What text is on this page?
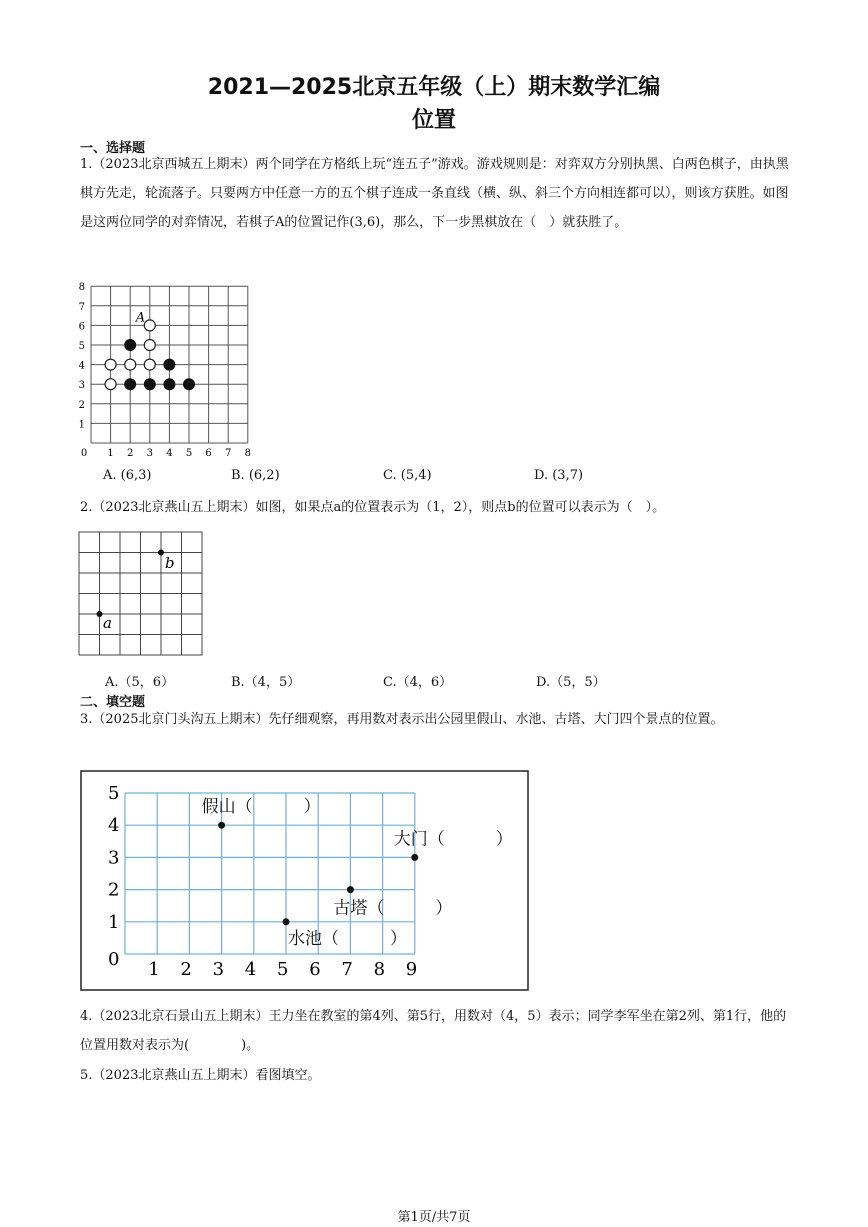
2021—2025北京五年级（上）期末数学汇编
位置
一、选择题
1.（2023北京西城五上期末）两个同学在方格纸上玩“连五子”游戏。游戏规则是：对弈双方分别执黑、白两色棋子，由执黑棋方先走，轮流落子。只要两方中任意一方的五个棋子连成一条直线（横、纵、斜三个方向相连都可以），则该方获胜。如图是这两位同学的对弈情况，若棋子A的位置记作(3,6)，那么，下一步黑棋放在（　）就获胜了。
0 1 2 3 4 5 6 7 8
1
2
3
4
5
6
7
8
A
A. (6,3)	B. (6,2)	C. (5,4)	D. (3,7)
2.（2023北京燕山五上期末）如图，如果点a的位置表示为（1，2），则点b的位置可以表示为（　）。
a
b
A.（5，6）	B.（4，5）	C.（4，6）	D.（5，5）
二、填空题
3.（2025北京门头沟五上期末）先仔细观察，再用数对表示出公园里假山、水池、古塔、大门四个景点的位置。
1 2 3 4 5 6 7 8 9
0
1
2
3
4
5
假山（　　　）
大门（　　　）
古塔（　　　）
水池（　　　）
4.（2023北京石景山五上期末）王力坐在教室的第4列、第5行，用数对（4，5）表示；同学李军坐在第2列、第1行，他的位置用数对表示为(　　　　)。
5.（2023北京燕山五上期末）看图填空。
第1页/共7页
